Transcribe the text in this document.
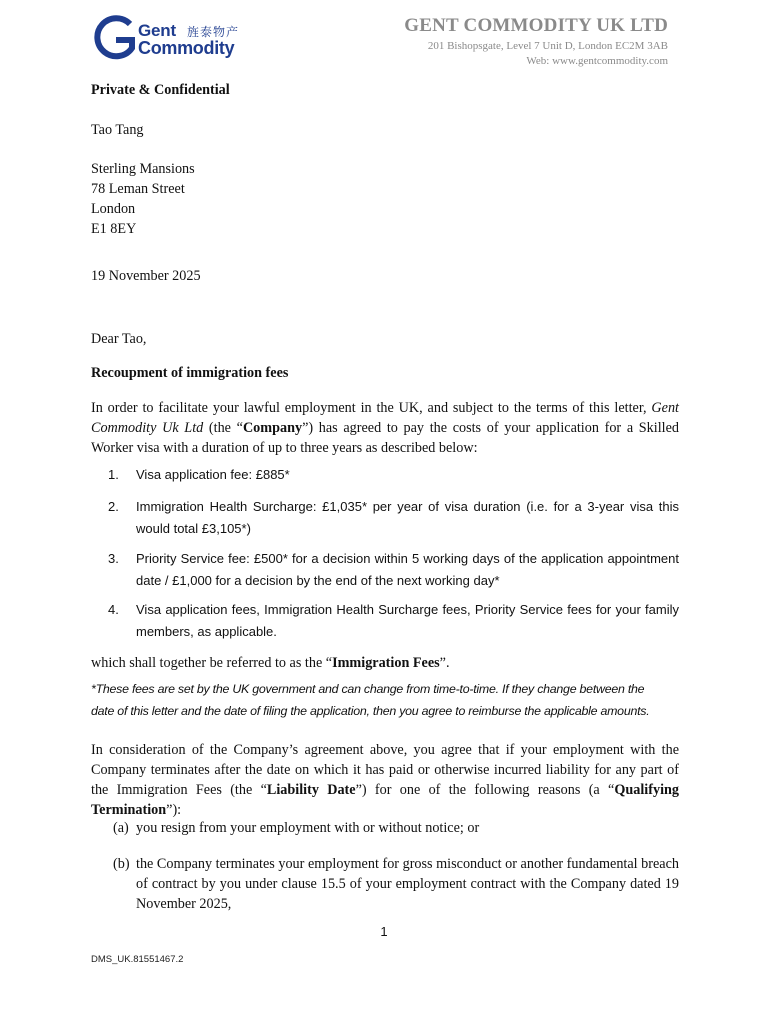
Gent 旌泰物产
Commodity
GENT COMMODITY UK LTD
201 Bishopsgate, Level 7 Unit D, London EC2M 3AB
Web: www.gentcommodity.com
Private & Confidential
Tao Tang
Sterling Mansions
78 Leman Street
London
E1 8EY
19 November 2025
Dear Tao,
Recoupment of immigration fees
In order to facilitate your lawful employment in the UK, and subject to the terms of this letter, Gent Commodity Uk Ltd (the “Company”) has agreed to pay the costs of your application for a Skilled Worker visa with a duration of up to three years as described below:
1. Visa application fee: £885*
2. Immigration Health Surcharge: £1,035* per year of visa duration (i.e. for a 3-year visa this would total £3,105*)
3. Priority Service fee: £500* for a decision within 5 working days of the application appointment date / £1,000 for a decision by the end of the next working day*
4. Visa application fees, Immigration Health Surcharge fees, Priority Service fees for your family members, as applicable.
which shall together be referred to as the “Immigration Fees”.
*These fees are set by the UK government and can change from time-to-time. If they change between the
date of this letter and the date of filing the application, then you agree to reimburse the applicable amounts.
In consideration of the Company’s agreement above, you agree that if your employment with the Company terminates after the date on which it has paid or otherwise incurred liability for any part of the Immigration Fees (the “Liability Date”) for one of the following reasons (a “Qualifying Termination”):
(a) you resign from your employment with or without notice; or
(b) the Company terminates your employment for gross misconduct or another fundamental breach of contract by you under clause 15.5 of your employment contract with the Company dated 19 November 2025,
1
DMS_UK.81551467.2
